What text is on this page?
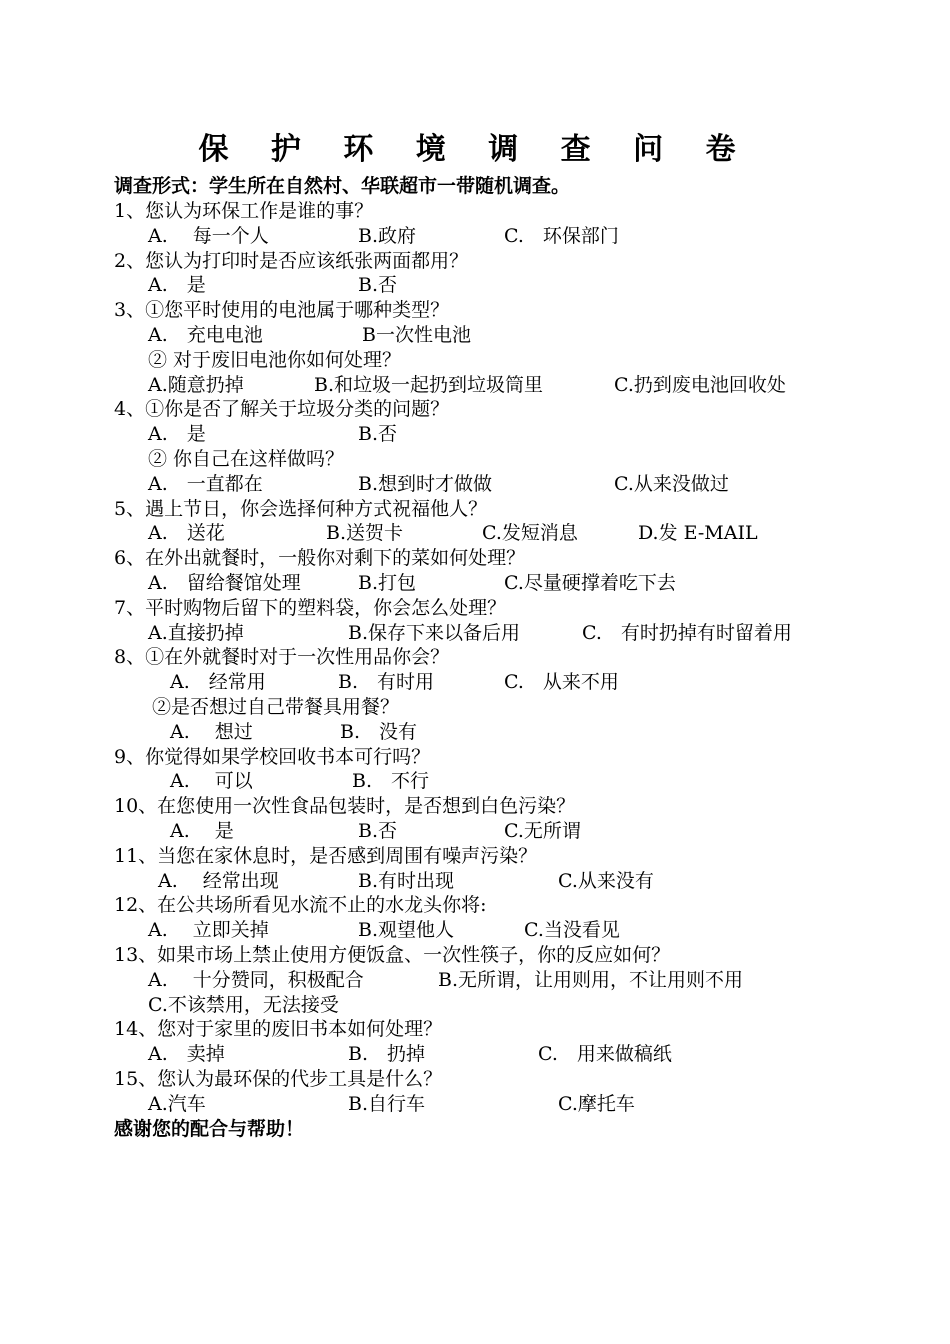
保 护 环 境 调 查 问 卷
调查形式：学生所在自然村、华联超市一带随机调查。
1、您认为环保工作是谁的事？
A.　 每一个人	B.政府	C.　环保部门
2、您认为打印时是否应该纸张两面都用？
A.　是	B.否
3、①您平时使用的电池属于哪种类型？
A.　充电电池	B一次性电池
② 对于废旧电池你如何处理？
A.随意扔掉	B.和垃圾一起扔到垃圾筒里	C.扔到废电池回收处
4、①你是否了解关于垃圾分类的问题？
A.　是	B.否
② 你自己在这样做吗？
A.　一直都在	B.想到时才做做	C.从来没做过
5、遇上节日，你会选择何种方式祝福他人？
A.　送花	B.送贺卡	C.发短消息	D.发 E-MAIL
6、在外出就餐时，一般你对剩下的菜如何处理？
A.　留给餐馆处理	B.打包	C.尽量硬撑着吃下去
7、平时购物后留下的塑料袋，你会怎么处理？
A.直接扔掉	B.保存下来以备后用	C.　有时扔掉有时留着用
8、①在外就餐时对于一次性用品你会？
A.　经常用	B.　有时用	C.　从来不用
②是否想过自己带餐具用餐？
A.　 想过	B.　没有
9、你觉得如果学校回收书本可行吗？
A.　 可以	B.　不行
10、在您使用一次性食品包装时，是否想到白色污染？
A.　 是	B.否	C.无所谓
11、当您在家休息时，是否感到周围有噪声污染？
A.　 经常出现	B.有时出现	C.从来没有
12、在公共场所看见水流不止的水龙头你将:
A.　 立即关掉	B.观望他人	C.当没看见
13、如果市场上禁止使用方便饭盒、一次性筷子，你的反应如何？
A.　 十分赞同，积极配合	B.无所谓，让用则用，不让用则不用
C.不该禁用，无法接受
14、您对于家里的废旧书本如何处理？
A.　卖掉	B.　扔掉	C.　用来做稿纸
15、您认为最环保的代步工具是什么？
A.汽车	B.自行车	C.摩托车
感谢您的配合与帮助！
